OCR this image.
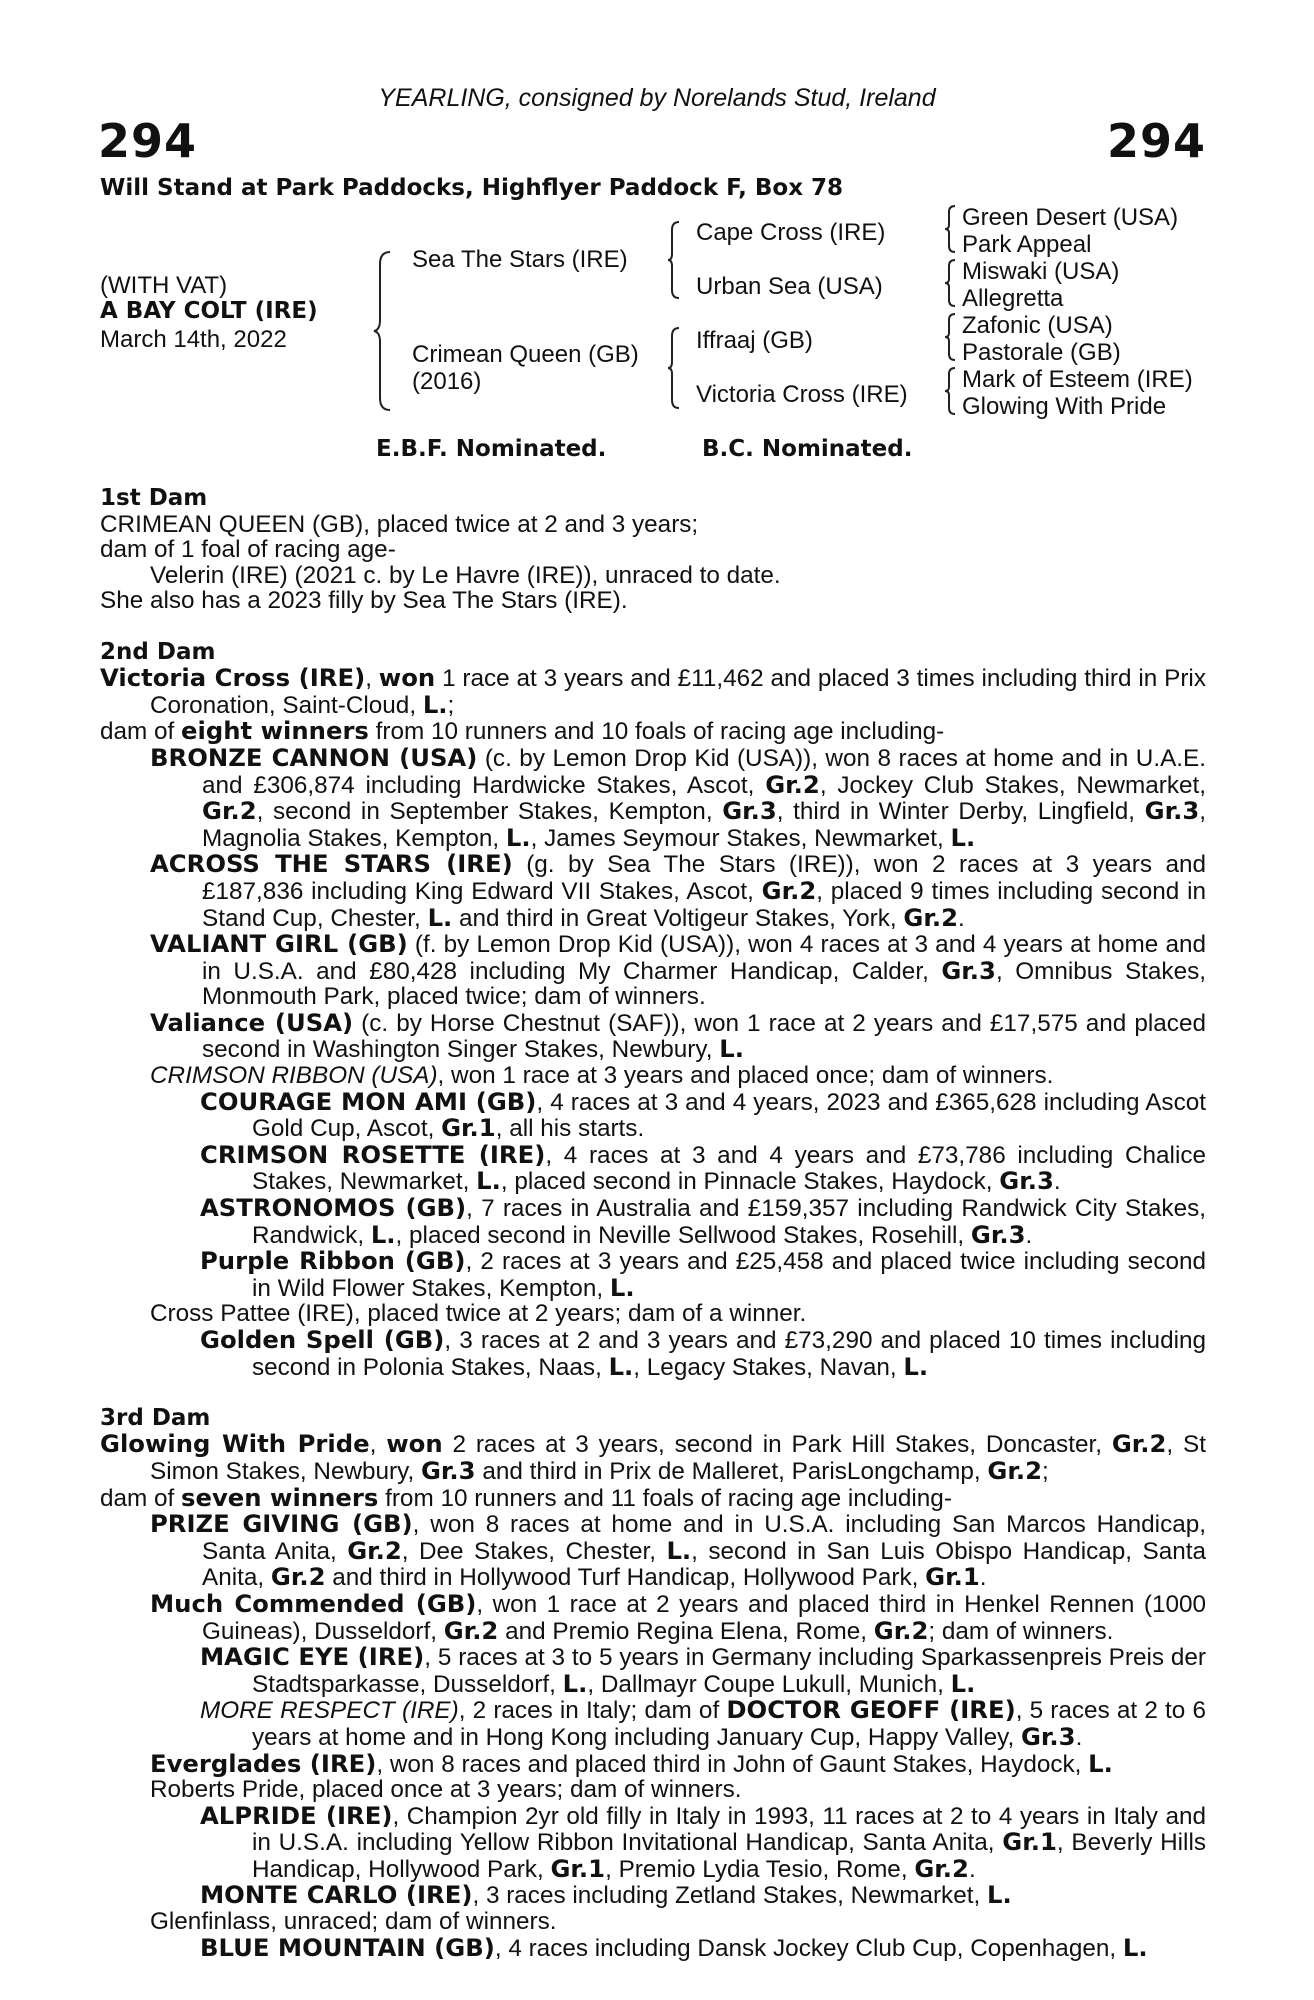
YEARLING, consigned by Norelands Stud, Ireland
294	294
Will Stand at Park Paddocks, Highflyer Paddock F, Box 78
(WITH VAT)
A BAY COLT (IRE)
March 14th, 2022
Sea The Stars (IRE)
Crimean Queen (GB)
(2016)
Cape Cross (IRE)
Urban Sea (USA)
Iffraaj (GB)
Victoria Cross (IRE)
Green Desert (USA)
Park Appeal
Miswaki (USA)
Allegretta
Zafonic (USA)
Pastorale (GB)
Mark of Esteem (IRE)
Glowing With Pride
E.B.F. Nominated.	B.C. Nominated.

1st Dam

CRIMEAN QUEEN (GB), placed twice at 2 and 3 years;

dam of 1 foal of racing age-

Velerin (IRE) (2021 c. by Le Havre (IRE)), unraced to date.

She also has a 2023 filly by Sea The Stars (IRE).

2nd Dam

Victoria Cross (IRE), won 1 race at 3 years and £11,462 and placed 3 times including third in Prix Coronation, Saint-Cloud, L.;

dam of eight winners from 10 runners and 10 foals of racing age including-

BRONZE CANNON (USA) (c. by Lemon Drop Kid (USA)), won 8 races at home and in U.A.E. and £306,874 including Hardwicke Stakes, Ascot, Gr.2, Jockey Club Stakes, Newmarket, Gr.2, second in September Stakes, Kempton, Gr.3, third in Winter Derby, Lingfield, Gr.3, Magnolia Stakes, Kempton, L., James Seymour Stakes, Newmarket, L.

ACROSS THE STARS (IRE) (g. by Sea The Stars (IRE)), won 2 races at 3 years and £187,836 including King Edward VII Stakes, Ascot, Gr.2, placed 9 times including second in Stand Cup, Chester, L. and third in Great Voltigeur Stakes, York, Gr.2.

VALIANT GIRL (GB) (f. by Lemon Drop Kid (USA)), won 4 races at 3 and 4 years at home and in U.S.A. and £80,428 including My Charmer Handicap, Calder, Gr.3, Omnibus Stakes, Monmouth Park, placed twice; dam of winners.

Valiance (USA) (c. by Horse Chestnut (SAF)), won 1 race at 2 years and £17,575 and placed second in Washington Singer Stakes, Newbury, L.

CRIMSON RIBBON (USA), won 1 race at 3 years and placed once; dam of winners.

COURAGE MON AMI (GB), 4 races at 3 and 4 years, 2023 and £365,628 including Ascot Gold Cup, Ascot, Gr.1, all his starts.

CRIMSON ROSETTE (IRE), 4 races at 3 and 4 years and £73,786 including Chalice Stakes, Newmarket, L., placed second in Pinnacle Stakes, Haydock, Gr.3.

ASTRONOMOS (GB), 7 races in Australia and £159,357 including Randwick City Stakes, Randwick, L., placed second in Neville Sellwood Stakes, Rosehill, Gr.3.

Purple Ribbon (GB), 2 races at 3 years and £25,458 and placed twice including second in Wild Flower Stakes, Kempton, L.

Cross Pattee (IRE), placed twice at 2 years; dam of a winner.

Golden Spell (GB), 3 races at 2 and 3 years and £73,290 and placed 10 times including second in Polonia Stakes, Naas, L., Legacy Stakes, Navan, L.

3rd Dam

Glowing With Pride, won 2 races at 3 years, second in Park Hill Stakes, Doncaster, Gr.2, St Simon Stakes, Newbury, Gr.3 and third in Prix de Malleret, ParisLongchamp, Gr.2;

dam of seven winners from 10 runners and 11 foals of racing age including-

PRIZE GIVING (GB), won 8 races at home and in U.S.A. including San Marcos Handicap, Santa Anita, Gr.2, Dee Stakes, Chester, L., second in San Luis Obispo Handicap, Santa Anita, Gr.2 and third in Hollywood Turf Handicap, Hollywood Park, Gr.1.

Much Commended (GB), won 1 race at 2 years and placed third in Henkel Rennen (1000 Guineas), Dusseldorf, Gr.2 and Premio Regina Elena, Rome, Gr.2; dam of winners.

MAGIC EYE (IRE), 5 races at 3 to 5 years in Germany including Sparkassenpreis Preis der Stadtsparkasse, Dusseldorf, L., Dallmayr Coupe Lukull, Munich, L.

MORE RESPECT (IRE), 2 races in Italy; dam of DOCTOR GEOFF (IRE), 5 races at 2 to 6 years at home and in Hong Kong including January Cup, Happy Valley, Gr.3.

Everglades (IRE), won 8 races and placed third in John of Gaunt Stakes, Haydock, L.

Roberts Pride, placed once at 3 years; dam of winners.

ALPRIDE (IRE), Champion 2yr old filly in Italy in 1993, 11 races at 2 to 4 years in Italy and in U.S.A. including Yellow Ribbon Invitational Handicap, Santa Anita, Gr.1, Beverly Hills Handicap, Hollywood Park, Gr.1, Premio Lydia Tesio, Rome, Gr.2.

MONTE CARLO (IRE), 3 races including Zetland Stakes, Newmarket, L.

Glenfinlass, unraced; dam of winners.

BLUE MOUNTAIN (GB), 4 races including Dansk Jockey Club Cup, Copenhagen, L.
